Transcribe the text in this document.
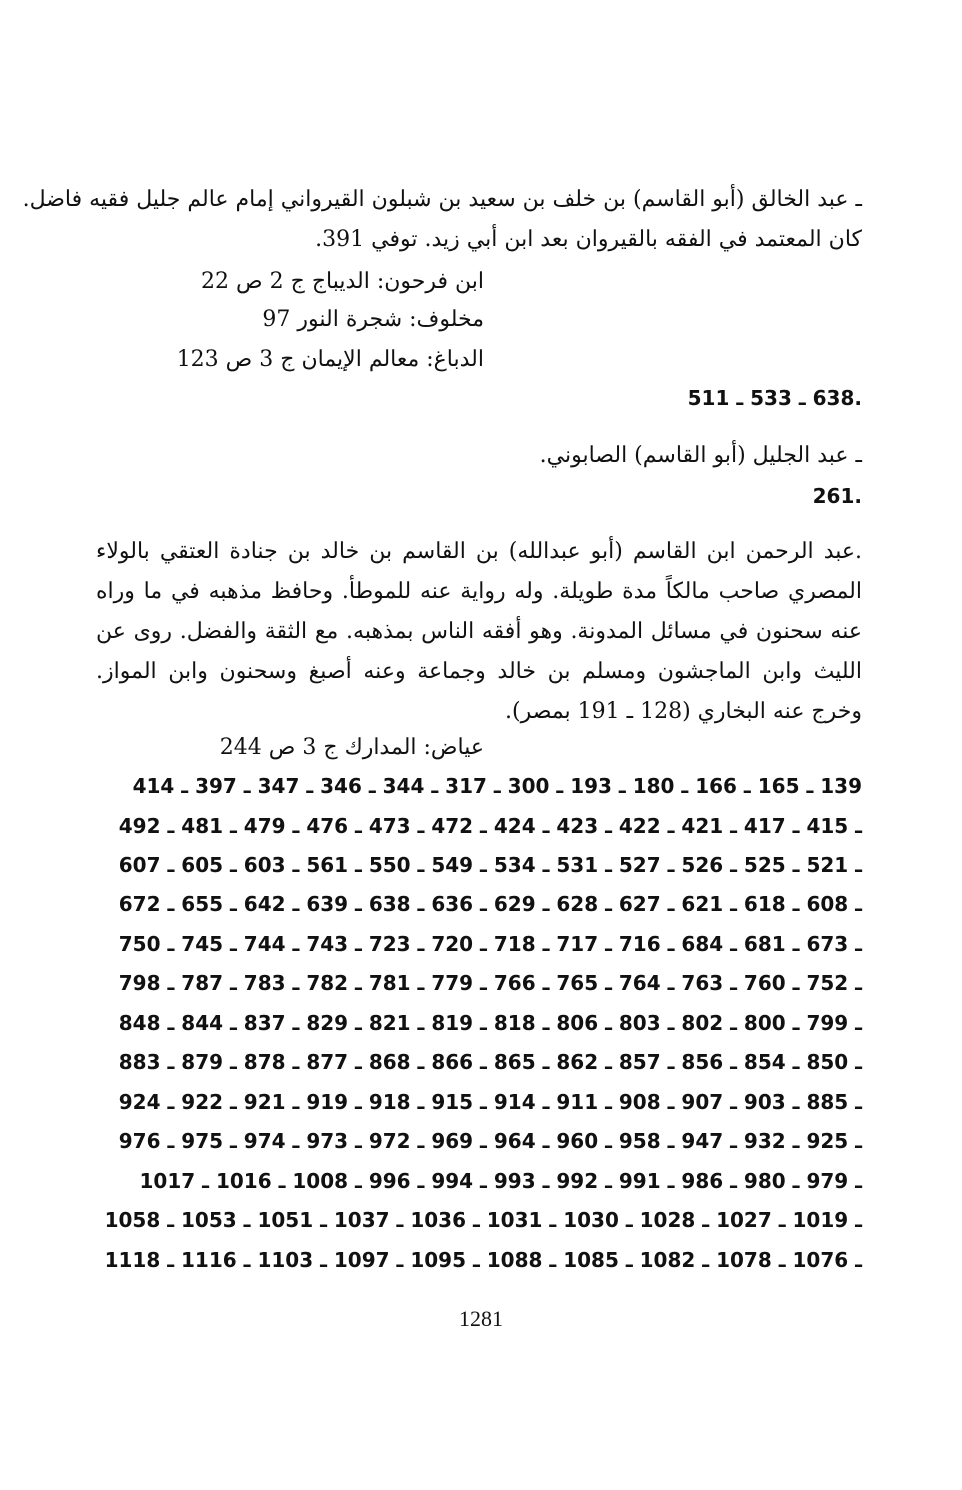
ـ عبد الخالق (أبو القاسم) بن خلف بن سعيد بن شبلون القيرواني إمام عالم جليل فقيه فاضل.
كان المعتمد في الفقه بالقيروان بعد ابن أبي زيد. توفي 391.
ابن فرحون: الديباج ج 2 ص 22
مخلوف: شجرة النور 97
الدباغ: معالم الإيمان ج 3 ص 123
.638 ـ 533 ـ 511
ـ عبد الجليل (أبو القاسم) الصابوني.
.261
.عبد الرحمن ابن القاسم (أبو عبدالله) بن القاسم بن خالد بن جنادة العتقي بالولاء المصري صاحب مالكاً مدة طويلة. وله رواية عنه للموطأ. وحافظ مذهبه في ما وراه عنه سحنون في مسائل المدونة. وهو أفقه الناس بمذهبه. مع الثقة والفضل. روى عن الليث وابن الماجشون ومسلم بن خالد وجماعة وعنه أصبغ وسحنون وابن المواز. وخرج عنه البخاري (128 ـ 191 بمصر).
عياض: المدارك ج 3 ص 244
139 ـ 165 ـ 166 ـ 180 ـ 193 ـ 300 ـ 317 ـ 344 ـ 346 ـ 347 ـ 397 ـ 414
ـ 415 ـ 417 ـ 421 ـ 422 ـ 423 ـ 424 ـ 472 ـ 473 ـ 476 ـ 479 ـ 481 ـ 492
ـ 521 ـ 525 ـ 526 ـ 527 ـ 531 ـ 534 ـ 549 ـ 550 ـ 561 ـ 603 ـ 605 ـ 607
ـ 608 ـ 618 ـ 621 ـ 627 ـ 628 ـ 629 ـ 636 ـ 638 ـ 639 ـ 642 ـ 655 ـ 672
ـ 673 ـ 681 ـ 684 ـ 716 ـ 717 ـ 718 ـ 720 ـ 723 ـ 743 ـ 744 ـ 745 ـ 750
ـ 752 ـ 760 ـ 763 ـ 764 ـ 765 ـ 766 ـ 779 ـ 781 ـ 782 ـ 783 ـ 787 ـ 798
ـ 799 ـ 800 ـ 802 ـ 803 ـ 806 ـ 818 ـ 819 ـ 821 ـ 829 ـ 837 ـ 844 ـ 848
ـ 850 ـ 854 ـ 856 ـ 857 ـ 862 ـ 865 ـ 866 ـ 868 ـ 877 ـ 878 ـ 879 ـ 883
ـ 885 ـ 903 ـ 907 ـ 908 ـ 911 ـ 914 ـ 915 ـ 918 ـ 919 ـ 921 ـ 922 ـ 924
ـ 925 ـ 932 ـ 947 ـ 958 ـ 960 ـ 964 ـ 969 ـ 972 ـ 973 ـ 974 ـ 975 ـ 976
ـ 979 ـ 980 ـ 986 ـ 991 ـ 992 ـ 993 ـ 994 ـ 996 ـ 1008 ـ 1016 ـ 1017
ـ 1019 ـ 1027 ـ 1028 ـ 1030 ـ 1031 ـ 1036 ـ 1037 ـ 1051 ـ 1053 ـ 1058
ـ 1076 ـ 1078 ـ 1082 ـ 1085 ـ 1088 ـ 1095 ـ 1097 ـ 1103 ـ 1116 ـ 1118
1281
